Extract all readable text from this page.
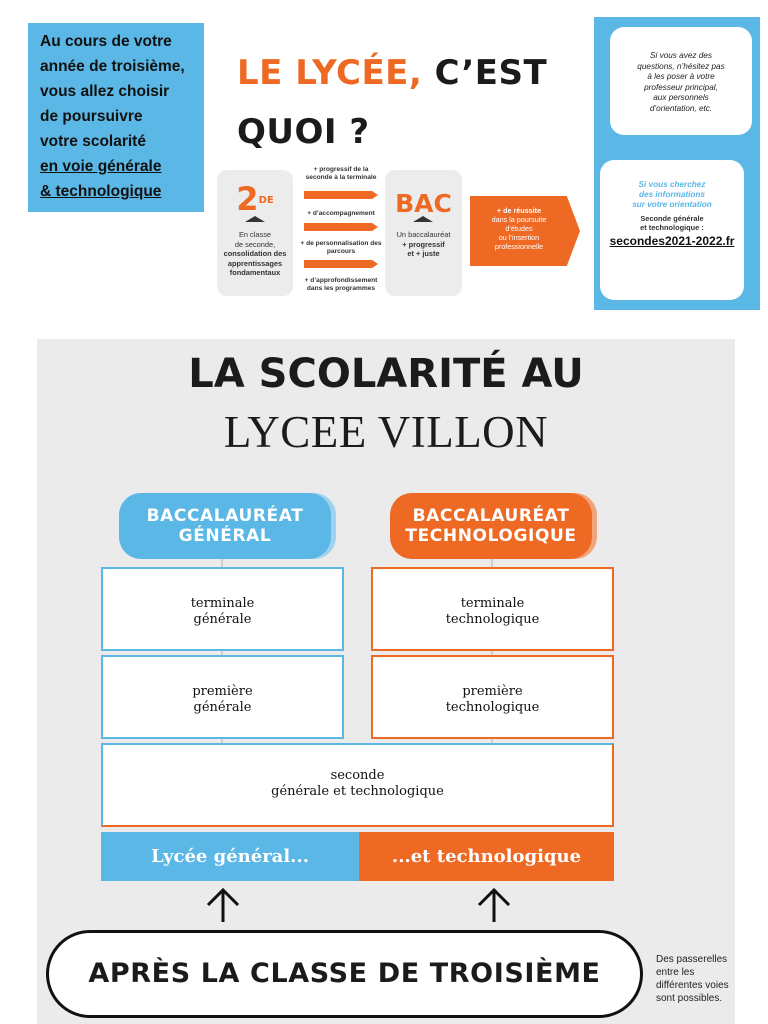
Au cours de votre
année de troisième,
vous allez choisir
de poursuivre
votre scolarité
en voie générale
& technologique
LE LYCÉE, C’EST
QUOI ?
2DE
En classe
de seconde,
consolidation des
apprentissages
fondamentaux
+ progressif de la seconde à la terminale
+ d’accompagnement
+ de personnalisation des parcours
+ d’approfondissement dans les programmes
BAC
Un baccalauréat
+ progressif
et + juste
+ de réussite
dans la poursuite
d’études
ou l’insertion
professionnelle
Si vous avez des
questions, n’hésitez pas
à les poser à votre
professeur principal,
aux personnels
d’orientation, etc.
Si vous cherchez
des informations
sur votre orientation
Seconde générale
et technologique :
secondes2021-2022.fr
LA SCOLARITÉ AU
LYCEE VILLON
BACCALAURÉAT
GÉNÉRAL
BACCALAURÉAT
TECHNOLOGIQUE
terminale
générale
terminale
technologique
première
générale
première
technologique
seconde
générale et technologique
Lycée général...	...et technologique
APRÈS LA CLASSE DE TROISIÈME	Des passerelles
entre les
différentes voies
sont possibles.
